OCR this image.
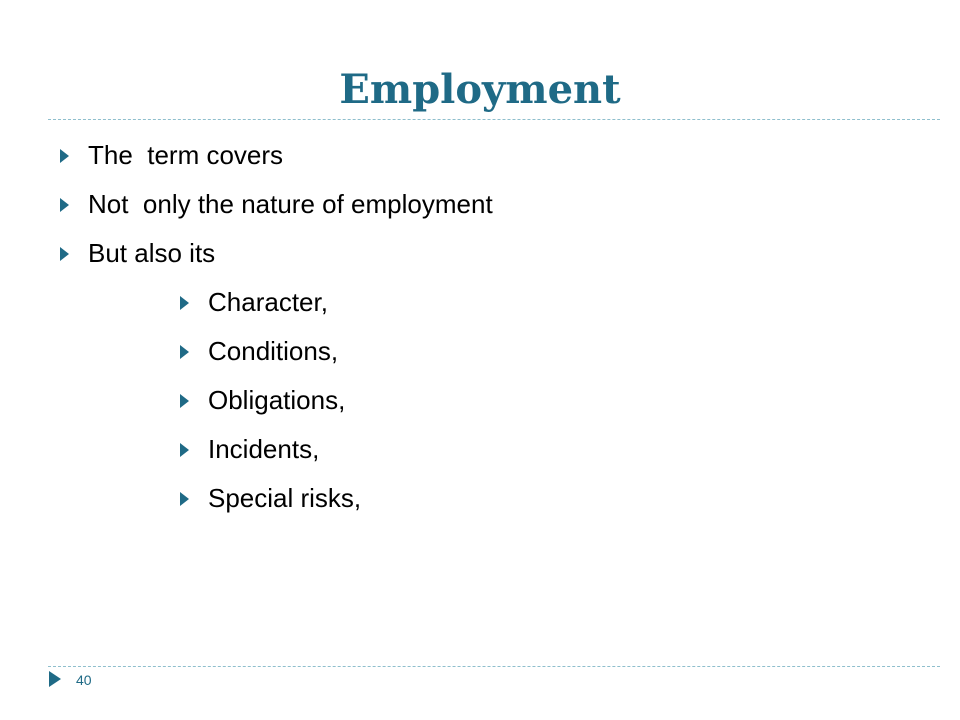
Employment
The  term covers
Not  only the nature of employment
But also its
Character,
Conditions,
Obligations,
Incidents,
Special risks,
40
